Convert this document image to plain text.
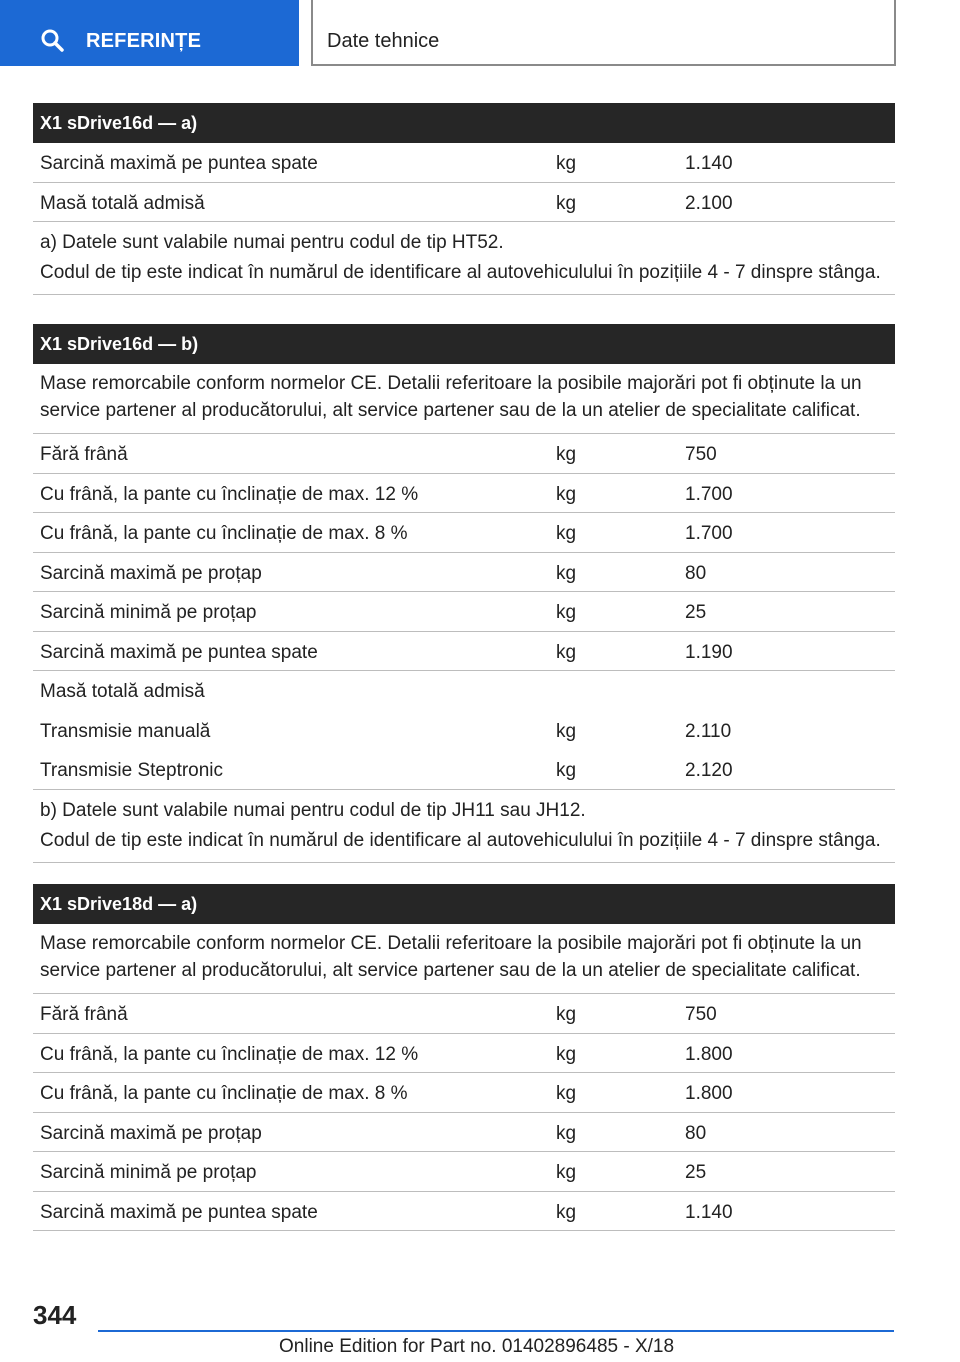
REFERINȚE	Date tehnice
X1 sDrive16d — a)
Sarcină maximă pe puntea spate	kg	1.140
Masă totală admisă	kg	2.100

a) Datele sunt valabile numai pentru codul de tip HT52.

Codul de tip este indicat în numărul de identificare al autovehiculului în pozițiile 4 - 7 dinspre stânga.

X1 sDrive16d — b)
Mase remorcabile conform normelor CE. Detalii referitoare la posibile majorări pot fi obținute la un service partener al producătorului, alt service partener sau de la un atelier de specialitate calificat.
Fără frână	kg	750
Cu frână, la pante cu înclinație de max. 12 %	kg	1.700
Cu frână, la pante cu înclinație de max. 8 %	kg	1.700
Sarcină maximă pe proțap	kg	80
Sarcină minimă pe proțap	kg	25
Sarcină maximă pe puntea spate	kg	1.190
Masă totală admisă
Transmisie manuală	kg	2.110
Transmisie Steptronic	kg	2.120

b) Datele sunt valabile numai pentru codul de tip JH11 sau JH12.

Codul de tip este indicat în numărul de identificare al autovehiculului în pozițiile 4 - 7 dinspre stânga.

X1 sDrive18d — a)
Mase remorcabile conform normelor CE. Detalii referitoare la posibile majorări pot fi obținute la un service partener al producătorului, alt service partener sau de la un atelier de specialitate calificat.
Fără frână	kg	750
Cu frână, la pante cu înclinație de max. 12 %	kg	1.800
Cu frână, la pante cu înclinație de max. 8 %	kg	1.800
Sarcină maximă pe proțap	kg	80
Sarcină minimă pe proțap	kg	25
Sarcină maximă pe puntea spate	kg	1.140
344
Online Edition for Part no. 01402896485 - X/18
